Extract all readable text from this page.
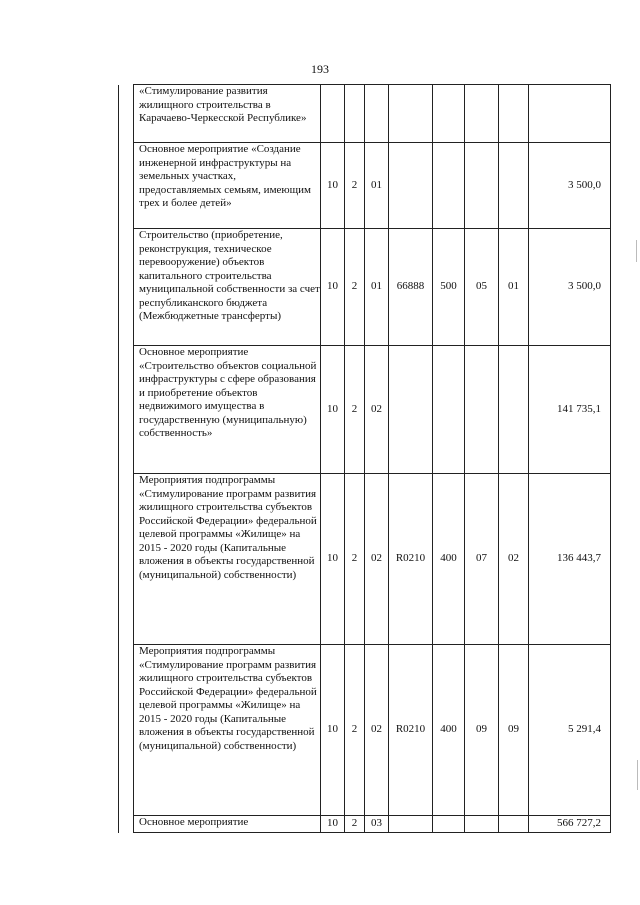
193
	«Стимулирование развития жилищного строительства в Карачаево-Черкесской Республике»								
	Основное мероприятие «Создание инженерной инфраструктуры на земельных участках, предоставляемых семьям, имеющим трех и более детей»	10	2	01					3 500,0
	Строительство (приобретение, реконструкция, техническое перевооружение) объектов капитального строительства муниципальной собственности за счет республиканского бюджета (Межбюджетные трансферты)	10	2	01	66888	500	05	01	3 500,0
	Основное мероприятие «Строительство объектов социальной инфраструктуры с сфере образования и приобретение объектов недвижимого имущества в государственную (муниципальную) собственность»	10	2	02					141 735,1
	Мероприятия подпрограммы «Стимулирование программ развития жилищного строительства субъектов Российской Федерации» федеральной целевой программы «Жилище» на 2015 - 2020 годы (Капитальные вложения в объекты государственной (муниципальной) собственности)	10	2	02	R0210	400	07	02	136 443,7
	Мероприятия подпрограммы «Стимулирование программ развития жилищного строительства субъектов Российской Федерации» федеральной целевой программы «Жилище» на 2015 - 2020 годы (Капитальные вложения в объекты государственной (муниципальной) собственности)	10	2	02	R0210	400	09	09	5 291,4
	Основное мероприятие	10	2	03					566 727,2
